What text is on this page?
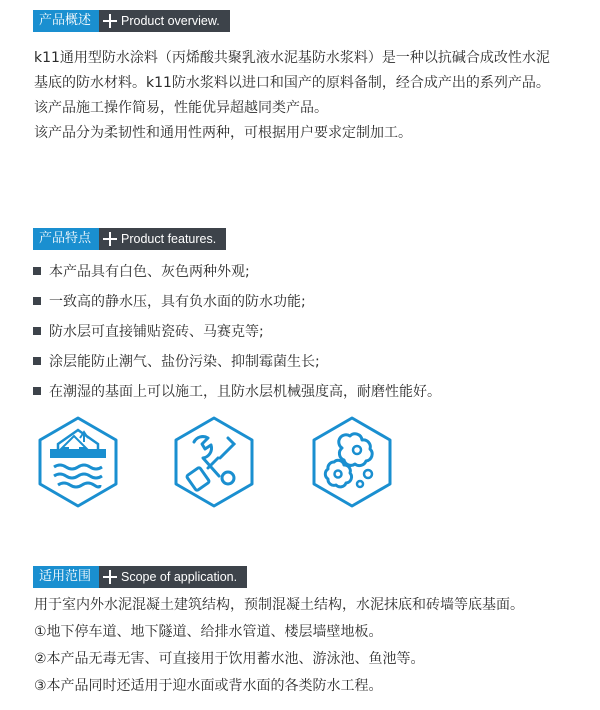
产品概述	Product overview.
k11通用型防水涂料（丙烯酸共聚乳液水泥基防水浆料）是一种以抗碱合成改性水泥
基底的防水材料。k11防水浆料以进口和国产的原料备制，经合成产出的系列产品。
该产品施工操作简易，性能优异超越同类产品。
该产品分为柔韧性和通用性两种，可根据用户要求定制加工。
产品特点	Product features.
本产品具有白色、灰色两种外观;
一致高的静水压，具有负水面的防水功能;
防水层可直接铺贴瓷砖、马赛克等;
涂层能防止潮气、盐份污染、抑制霉菌生长;
在潮湿的基面上可以施工，且防水层机械强度高，耐磨性能好。
适用范围	Scope of application.
用于室内外水泥混凝土建筑结构，预制混凝土结构，水泥抹底和砖墙等底基面。
①地下停车道、地下隧道、给排水管道、楼层墙壁地板。
②本产品无毒无害、可直接用于饮用蓄水池、游泳池、鱼池等。
③本产品同时还适用于迎水面或背水面的各类防水工程。
